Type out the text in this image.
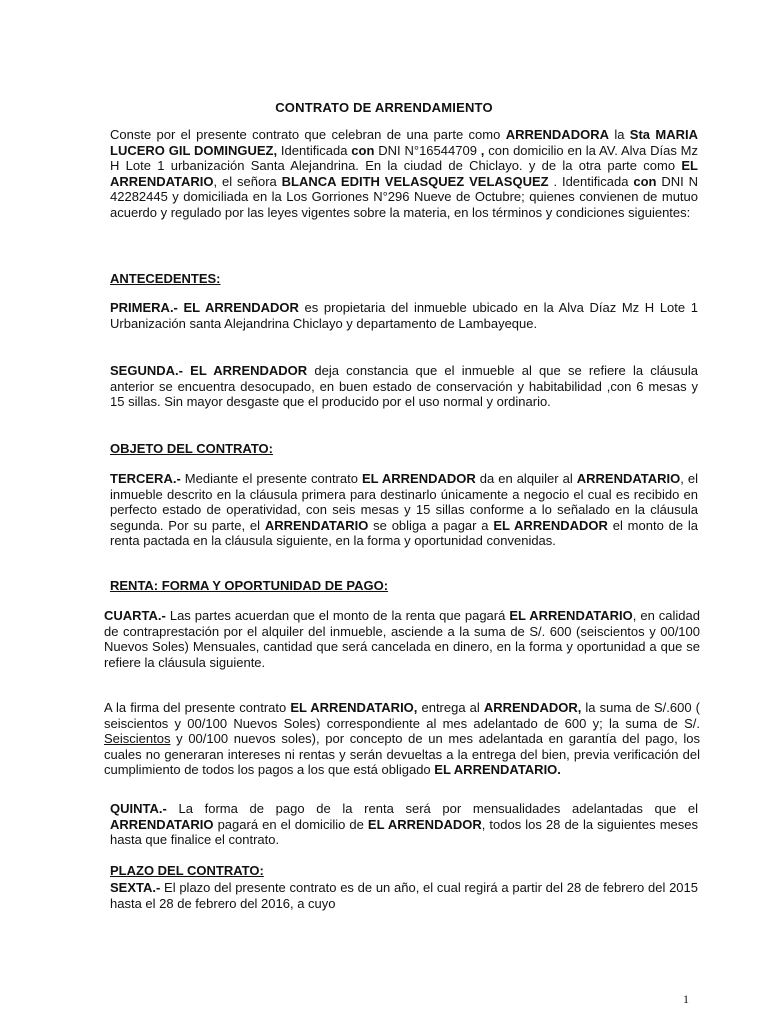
CONTRATO DE ARRENDAMIENTO

Conste por el presente contrato que celebran de una parte como ARRENDADORA la Sta MARIA LUCERO GIL DOMINGUEZ, Identificada con DNI N°16544709 , con domicilio en la AV. Alva Días Mz H Lote 1 urbanización Santa Alejandrina. En la ciudad de Chiclayo. y de la otra parte como EL ARRENDATARIO, el señora BLANCA EDITH VELASQUEZ VELASQUEZ . Identificada con DNI N 42282445 y domiciliada en la Los Gorriones N°296 Nueve de Octubre; quienes convienen de mutuo acuerdo y regulado por las leyes vigentes sobre la materia, en los términos y condiciones siguientes:

ANTECEDENTES:

PRIMERA.- EL ARRENDADOR es propietaria del inmueble ubicado en la Alva Díaz Mz H Lote 1 Urbanización santa Alejandrina Chiclayo y departamento de Lambayeque.

SEGUNDA.- EL ARRENDADOR deja constancia que el inmueble al que se refiere la cláusula anterior se encuentra desocupado, en buen estado de conservación y habitabilidad ,con 6 mesas y 15 sillas. Sin mayor desgaste que el producido por el uso normal y ordinario.

OBJETO DEL CONTRATO:

TERCERA.- Mediante el presente contrato EL ARRENDADOR da en alquiler al ARRENDATARIO, el inmueble descrito en la cláusula primera para destinarlo únicamente a negocio el cual es recibido en perfecto estado de operatividad, con seis mesas y 15 sillas conforme a lo señalado en la cláusula segunda. Por su parte, el ARRENDATARIO se obliga a pagar a EL ARRENDADOR el monto de la renta pactada en la cláusula siguiente, en la forma y oportunidad convenidas.

RENTA: FORMA Y OPORTUNIDAD DE PAGO:

CUARTA.- Las partes acuerdan que el monto de la renta que pagará EL ARRENDATARIO, en calidad de contraprestación por el alquiler del inmueble, asciende a la suma de S/. 600 (seiscientos y 00/100 Nuevos Soles) Mensuales, cantidad que será cancelada en dinero, en la forma y oportunidad a que se refiere la cláusula siguiente.

A la firma del presente contrato EL ARRENDATARIO, entrega al ARRENDADOR, la suma de S/.600 ( seiscientos y 00/100 Nuevos Soles) correspondiente al mes adelantado de 600 y; la suma de S/. Seiscientos y 00/100 nuevos soles), por concepto de un mes adelantada en garantía del pago, los cuales no generaran intereses ni rentas y serán devueltas a la entrega del bien, previa verificación del cumplimiento de todos los pagos a los que está obligado EL ARRENDATARIO.

QUINTA.- La forma de pago de la renta será por mensualidades adelantadas que el ARRENDATARIO pagará en el domicilio de EL ARRENDADOR, todos los 28 de la siguientes meses hasta que finalice el contrato.

PLAZO DEL CONTRATO:

SEXTA.- El plazo del presente contrato es de un año, el cual regirá a partir del 28 de febrero del 2015 hasta el 28 de febrero del 2016, a cuyo

1
